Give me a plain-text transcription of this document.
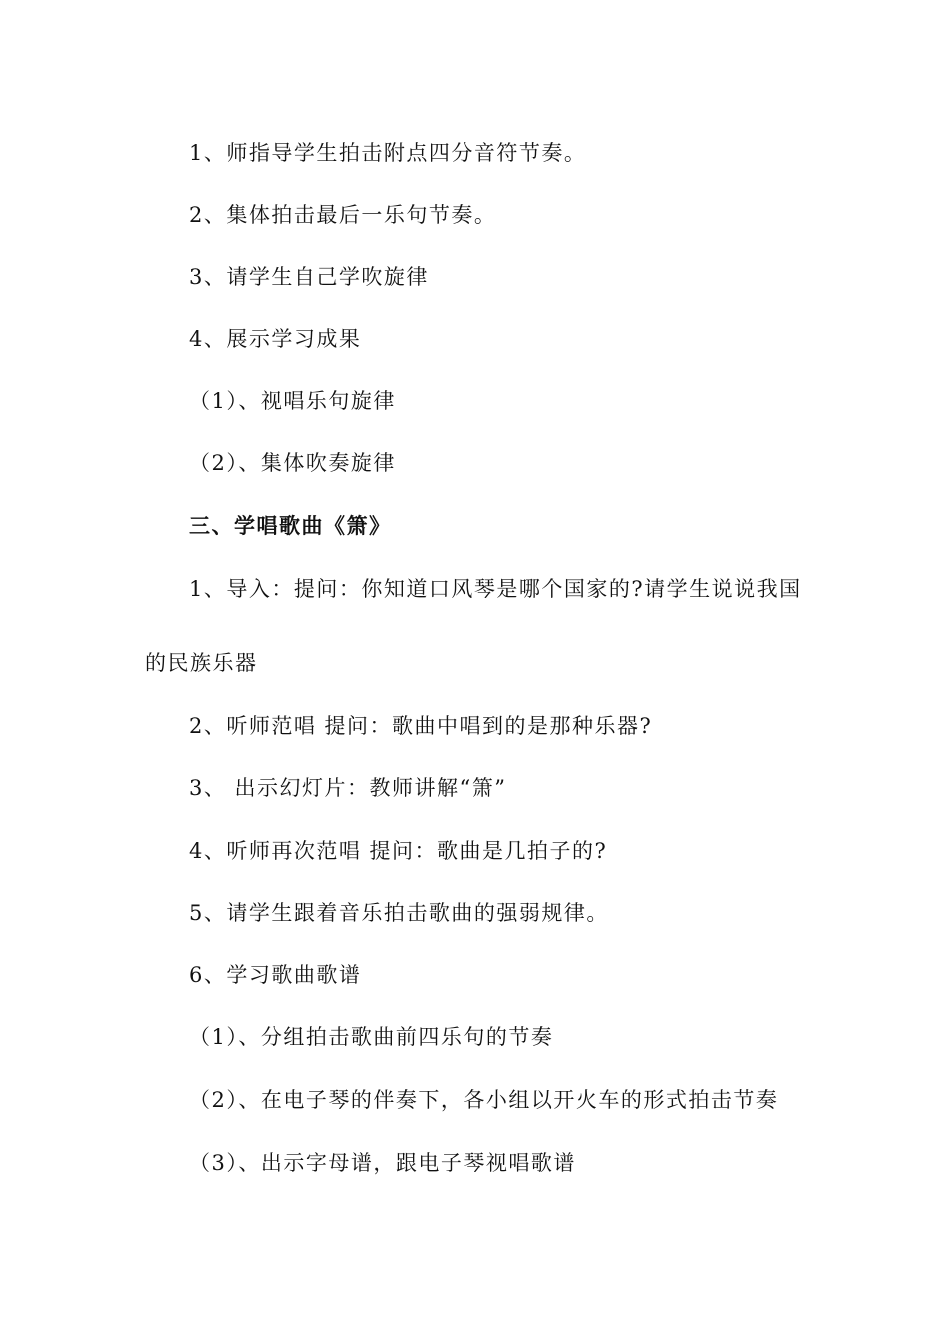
1、师指导学生拍击附点四分音符节奏。
2、集体拍击最后一乐句节奏。
3、请学生自己学吹旋律
4、展示学习成果
（1）、视唱乐句旋律
（2）、集体吹奏旋律
三、学唱歌曲《箫》
1、导入：提问：你知道口风琴是哪个国家的?请学生说说我国
的民族乐器
2、听师范唱 提问：歌曲中唱到的是那种乐器?
3、 出示幻灯片：教师讲解“箫”
4、听师再次范唱 提问：歌曲是几拍子的?
5、请学生跟着音乐拍击歌曲的强弱规律。
6、学习歌曲歌谱
（1）、分组拍击歌曲前四乐句的节奏
（2）、在电子琴的伴奏下，各小组以开火车的形式拍击节奏
（3）、出示字母谱，跟电子琴视唱歌谱
